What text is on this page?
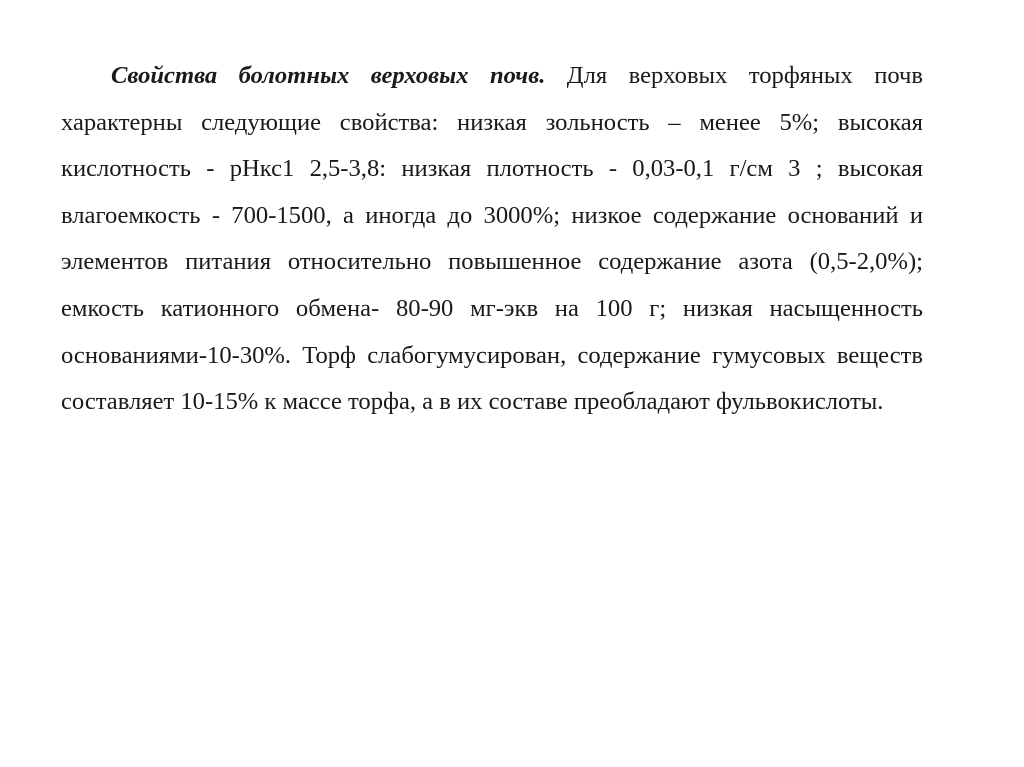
Свойства болотных верховых почв. Для верховых торфяных почв характерны следующие свойства: низкая зольность – менее 5%; высокая кислотность - рНкс1 2,5-3,8: низкая плотность - 0,03-0,1 г/см 3 ; высокая влагоемкость - 700-1500, а иногда до 3000%; низкое содержание оснований и элементов питания относительно повышенное содержание азота (0,5-2,0%); емкость катионного обмена- 80-90 мг-экв на 100 г; низкая насыщенность основаниями-10-30%. Торф слабогумусирован, содержание гумусовых веществ составляет 10-15% к массе торфа, а в их составе преобладают фульвокислоты.
